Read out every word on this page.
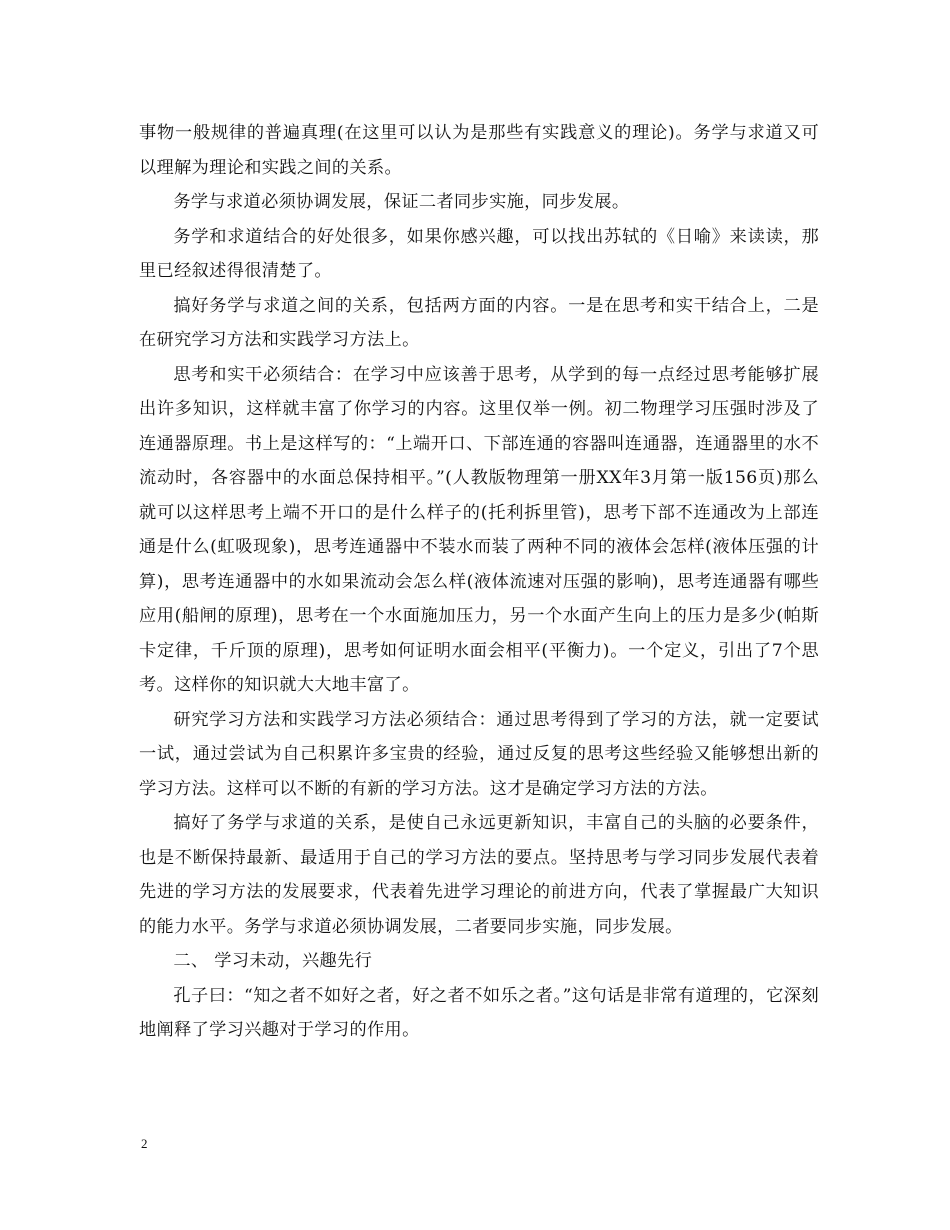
事物一般规律的普遍真理(在这里可以认为是那些有实践意义的理论)。务学与求道又可以理解为理论和实践之间的关系。

务学与求道必须协调发展，保证二者同步实施，同步发展。

务学和求道结合的好处很多，如果你感兴趣，可以找出苏轼的《日喻》来读读，那里已经叙述得很清楚了。

搞好务学与求道之间的关系，包括两方面的内容。一是在思考和实干结合上，二是在研究学习方法和实践学习方法上。

思考和实干必须结合：在学习中应该善于思考，从学到的每一点经过思考能够扩展出许多知识，这样就丰富了你学习的内容。这里仅举一例。初二物理学习压强时涉及了连通器原理。书上是这样写的：“上端开口、下部连通的容器叫连通器，连通器里的水不流动时，各容器中的水面总保持相平。”(人教版物理第一册XX年3月第一版156页)那么就可以这样思考上端不开口的是什么样子的(托利拆里管)，思考下部不连通改为上部连通是什么(虹吸现象)，思考连通器中不装水而装了两种不同的液体会怎样(液体压强的计算)，思考连通器中的水如果流动会怎么样(液体流速对压强的影响)，思考连通器有哪些应用(船闸的原理)，思考在一个水面施加压力，另一个水面产生向上的压力是多少(帕斯卡定律，千斤顶的原理)，思考如何证明水面会相平(平衡力)。一个定义，引出了7个思考。这样你的知识就大大地丰富了。

研究学习方法和实践学习方法必须结合：通过思考得到了学习的方法，就一定要试一试，通过尝试为自己积累许多宝贵的经验，通过反复的思考这些经验又能够想出新的学习方法。这样可以不断的有新的学习方法。这才是确定学习方法的方法。

搞好了务学与求道的关系，是使自己永远更新知识，丰富自己的头脑的必要条件，也是不断保持最新、最适用于自己的学习方法的要点。坚持思考与学习同步发展代表着先进的学习方法的发展要求，代表着先进学习理论的前进方向，代表了掌握最广大知识的能力水平。务学与求道必须协调发展，二者要同步实施，同步发展。

二、 学习未动，兴趣先行

孔子曰：“知之者不如好之者，好之者不如乐之者。”这句话是非常有道理的，它深刻地阐释了学习兴趣对于学习的作用。

2
